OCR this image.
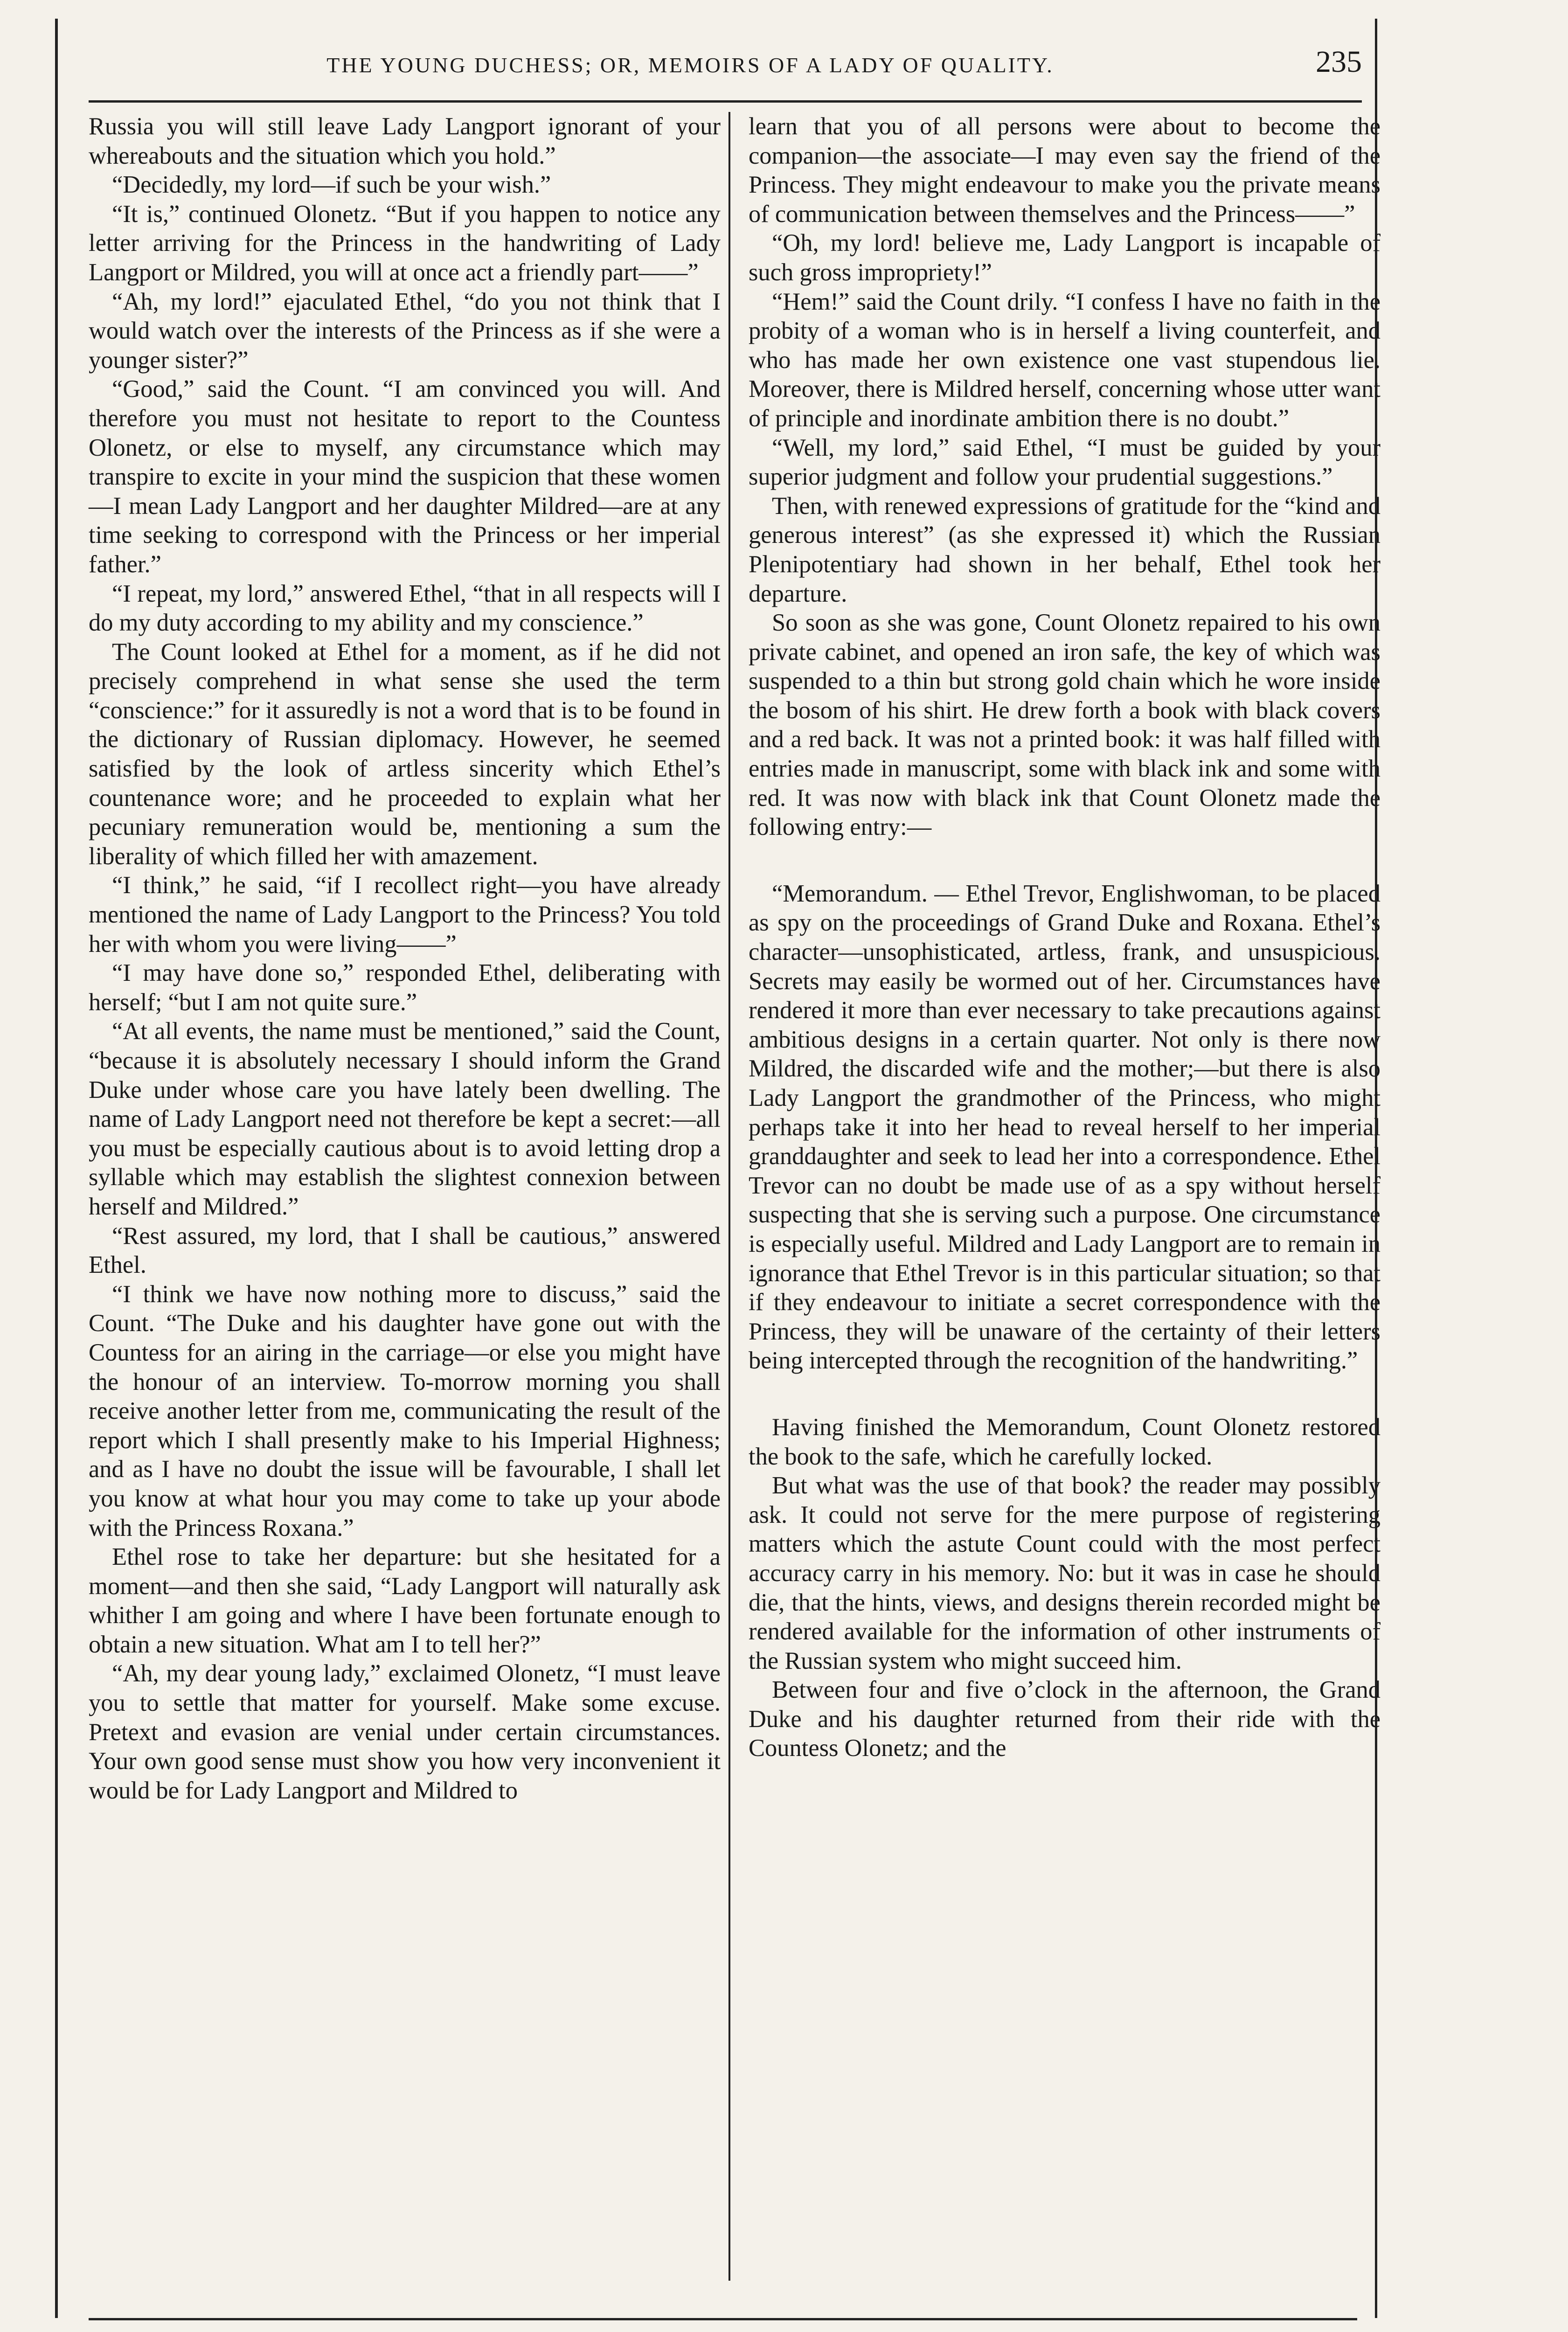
THE YOUNG DUCHESS; OR, MEMOIRS OF A LADY OF QUALITY.	235

Russia you will still leave Lady Langport ignorant of your whereabouts and the situation which you hold.”

“Decidedly, my lord—if such be your wish.”

“It is,” continued Olonetz. “But if you happen to notice any letter arriving for the Princess in the handwriting of Lady Langport or Mildred, you will at once act a friendly part——”

“Ah, my lord!” ejaculated Ethel, “do you not think that I would watch over the interests of the Princess as if she were a younger sister?”

“Good,” said the Count. “I am convinced you will. And therefore you must not hesitate to report to the Countess Olonetz, or else to myself, any circumstance which may transpire to excite in your mind the suspicion that these women—I mean Lady Langport and her daughter Mildred—are at any time seeking to correspond with the Princess or her imperial father.”

“I repeat, my lord,” answered Ethel, “that in all respects will I do my duty according to my ability and my conscience.”

The Count looked at Ethel for a moment, as if he did not precisely comprehend in what sense she used the term “conscience:” for it assuredly is not a word that is to be found in the dictionary of Russian diplomacy. However, he seemed satisfied by the look of artless sincerity which Ethel’s countenance wore; and he proceeded to explain what her pecuniary remuneration would be, mentioning a sum the liberality of which filled her with amazement.

“I think,” he said, “if I recollect right—you have already mentioned the name of Lady Langport to the Princess? You told her with whom you were living——”

“I may have done so,” responded Ethel, deliberating with herself; “but I am not quite sure.”

“At all events, the name must be mentioned,” said the Count, “because it is absolutely necessary I should inform the Grand Duke under whose care you have lately been dwelling. The name of Lady Langport need not therefore be kept a secret:—all you must be especially cautious about is to avoid letting drop a syllable which may establish the slightest connexion between herself and Mildred.”

“Rest assured, my lord, that I shall be cautious,” answered Ethel.

“I think we have now nothing more to discuss,” said the Count. “The Duke and his daughter have gone out with the Countess for an airing in the carriage—or else you might have the honour of an interview. To-morrow morning you shall receive another letter from me, communicating the result of the report which I shall presently make to his Imperial Highness; and as I have no doubt the issue will be favourable, I shall let you know at what hour you may come to take up your abode with the Princess Roxana.”

Ethel rose to take her departure: but she hesitated for a moment—and then she said, “Lady Langport will naturally ask whither I am going and where I have been fortunate enough to obtain a new situation. What am I to tell her?”

“Ah, my dear young lady,” exclaimed Olonetz, “I must leave you to settle that matter for yourself. Make some excuse. Pretext and evasion are venial under certain circumstances. Your own good sense must show you how very inconvenient it would be for Lady Langport and Mildred to

learn that you of all persons were about to become the companion—the associate—I may even say the friend of the Princess. They might endeavour to make you the private means of communication between themselves and the Princess——”

“Oh, my lord! believe me, Lady Langport is incapable of such gross impropriety!”

“Hem!” said the Count drily. “I confess I have no faith in the probity of a woman who is in herself a living counterfeit, and who has made her own existence one vast stupendous lie. Moreover, there is Mildred herself, concerning whose utter want of principle and inordinate ambition there is no doubt.”

“Well, my lord,” said Ethel, “I must be guided by your superior judgment and follow your prudential suggestions.”

Then, with renewed expressions of gratitude for the “kind and generous interest” (as she expressed it) which the Russian Plenipotentiary had shown in her behalf, Ethel took her departure.

So soon as she was gone, Count Olonetz repaired to his own private cabinet, and opened an iron safe, the key of which was suspended to a thin but strong gold chain which he wore inside the bosom of his shirt. He drew forth a book with black covers and a red back. It was not a printed book: it was half filled with entries made in manuscript, some with black ink and some with red. It was now with black ink that Count Olonetz made the following entry:—

“Memorandum. — Ethel Trevor, Englishwoman, to be placed as spy on the proceedings of Grand Duke and Roxana. Ethel’s character—unsophisticated, artless, frank, and unsuspicious. Secrets may easily be wormed out of her. Circumstances have rendered it more than ever necessary to take precautions against ambitious designs in a certain quarter. Not only is there now Mildred, the discarded wife and the mother;—but there is also Lady Langport the grandmother of the Princess, who might perhaps take it into her head to reveal herself to her imperial granddaughter and seek to lead her into a correspondence. Ethel Trevor can no doubt be made use of as a spy without herself suspecting that she is serving such a purpose. One circumstance is especially useful. Mildred and Lady Langport are to remain in ignorance that Ethel Trevor is in this particular situation; so that if they endeavour to initiate a secret correspondence with the Princess, they will be unaware of the certainty of their letters being intercepted through the recognition of the handwriting.”

Having finished the Memorandum, Count Olonetz restored the book to the safe, which he carefully locked.

But what was the use of that book? the reader may possibly ask. It could not serve for the mere purpose of registering matters which the astute Count could with the most perfect accuracy carry in his memory. No: but it was in case he should die, that the hints, views, and designs therein recorded might be rendered available for the information of other instruments of the Russian system who might succeed him.

Between four and five o’clock in the afternoon, the Grand Duke and his daughter returned from their ride with the Countess Olonetz; and the
